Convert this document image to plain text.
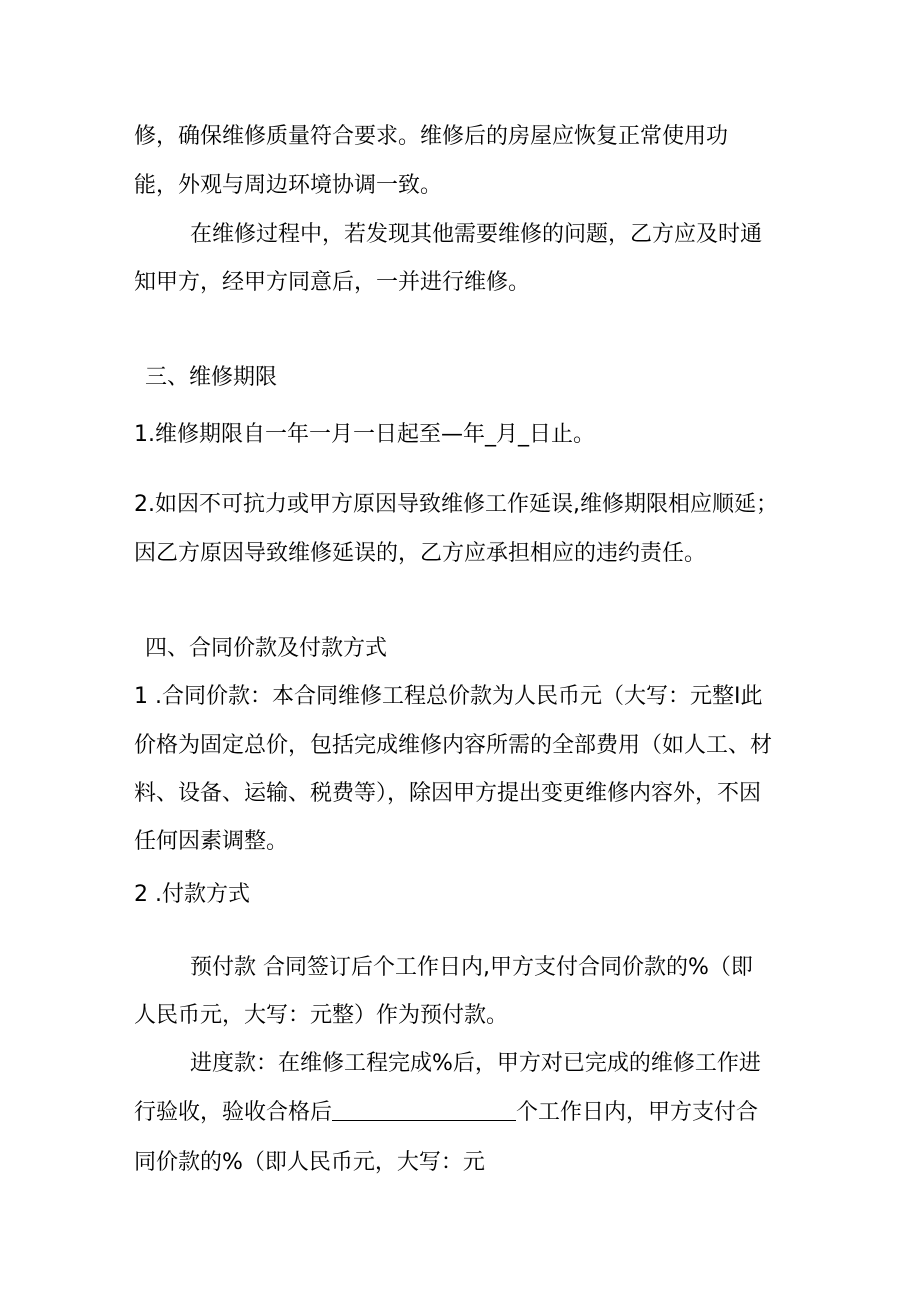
修，确保维修质量符合要求。维修后的房屋应恢复正常使用功
能，外观与周边环境协调一致。
在维修过程中，若发现其他需要维修的问题，乙方应及时通
知甲方，经甲方同意后，一并进行维修。
三、维修期限
1.维修期限自一年一月一日起至—年_月_日止。
2.如因不可抗力或甲方原因导致维修工作延误,维修期限相应顺延；
因乙方原因导致维修延误的，乙方应承担相应的违约责任。
四、合同价款及付款方式
1 .合同价款：本合同维修工程总价款为人民币元（大写：元整I此
价格为固定总价，包括完成维修内容所需的全部费用（如人工、材
料、设备、运输、税费等），除因甲方提出变更维修内容外，不因
任何因素调整。
2 .付款方式
预付款 合同签订后个工作日内,甲方支付合同价款的%（即
人民币元，大写：元整）作为预付款。
进度款：在维修工程完成%后，甲方对已完成的维修工作进
行验收，验收合格后	个工作日内，甲方支付合
同价款的%（即人民币元，大写：元
